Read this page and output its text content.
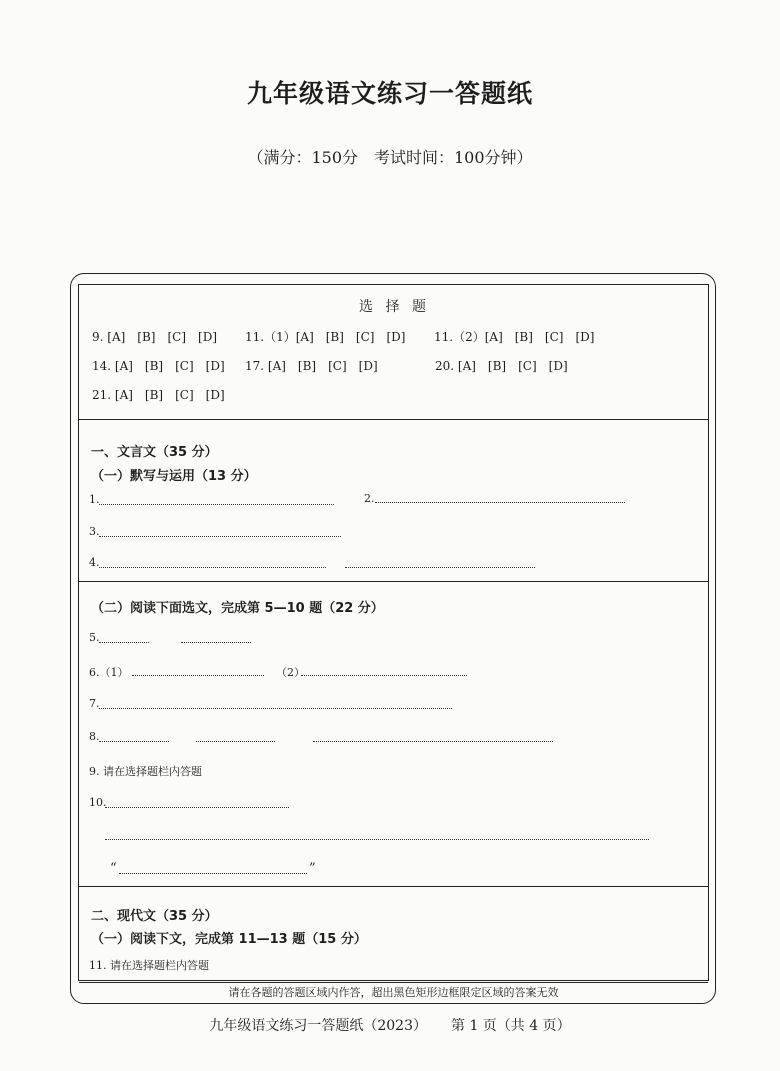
九年级语文练习一答题纸
（满分：150分　考试时间：100分钟）
选 择 题
9. [A]　[B]　[C]　[D] 11.（1）[A]　[B]　[C]　[D] 11.（2）[A]　[B]　[C]　[D]
14. [A]　[B]　[C]　[D] 17. [A]　[B]　[C]　[D]	20. [A]　[B]　[C]　[D]
21. [A]　[B]　[C]　[D]
一、文言文（35 分）
（一）默写与运用（13 分）
1.	2.
3.
4.
（二）阅读下面选文，完成第 5—10 题（22 分）
5.
6.（1）	（2）
7.
8.
9. 请在选择题栏内答题
10.
“	”
二、现代文（35 分）
（一）阅读下文，完成第 11—13 题（15 分）
11. 请在选择题栏内答题
请在各题的答题区域内作答，超出黑色矩形边框限定区域的答案无效
九年级语文练习一答题纸（2023） 第 1 页（共 4 页）
